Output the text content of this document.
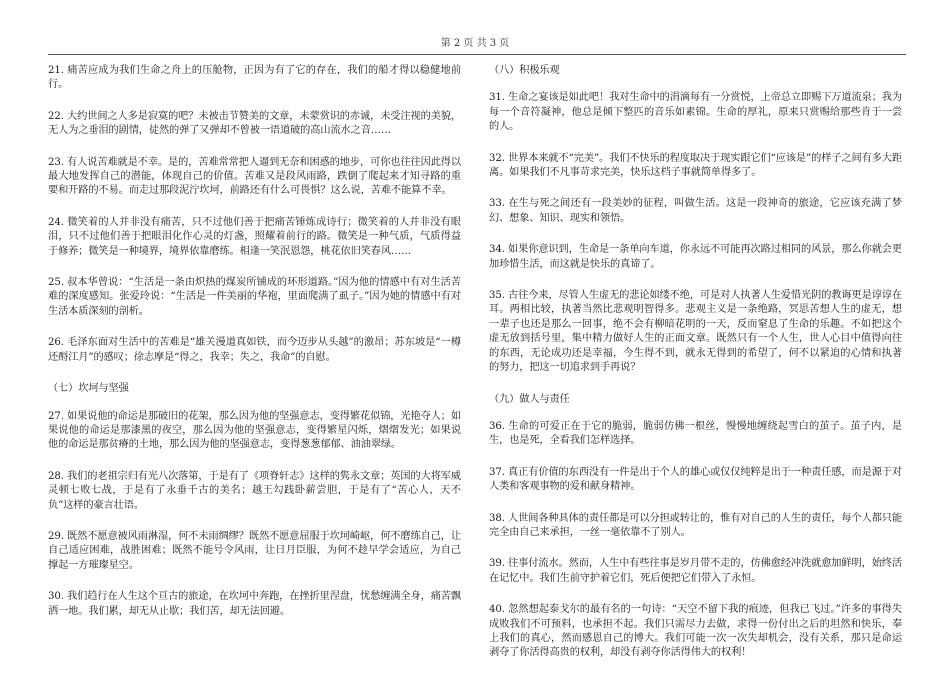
第 2 页 共 3 页

21. 痛苦应成为我们生命之舟上的压舱物，正因为有了它的存在，我们的船才得以稳健地前行。

22. 大约世间之人多是寂寞的吧？未被击节赞美的文章，未蒙赏识的赤诚，未受注视的美貌，无人为之垂泪的剧情，徒然的弹了又弹却不曾被一语道破的高山流水之音……

23. 有人说苦难就是不幸。是的，苦难常常把人逼到无奈和困惑的地步，可你也往往因此得以最大地发挥自己的潜能，体现自己的价值。苦难又是段风雨路，跌倒了爬起来才知寻路的重要和开路的不易。而走过那段泥泞坎坷，前路还有什么可畏惧？这么说，苦难不能算不幸。

24. 微笑着的人并非没有痛苦，只不过他们善于把痛苦锤炼成诗行；微笑着的人并非没有眼泪，只不过他们善于把眼泪化作心灵的灯盏，照耀着前行的路。微笑是一种气质，气质得益于修养；微笑是一种境界，境界依靠磨练。相逢一笑泯恩怨，桃花依旧笑春风……

25. 叔本华曾说：“生活是一条由炽热的煤炭所铺成的环形道路。”因为他的情感中有对生活苦难的深度感知。张爱玲说：“生活是一件美丽的华袍，里面爬满了虱子。”因为她的情感中有对生活本质深刻的剖析。

26. 毛泽东面对生活中的苦难是“雄关漫道真如铁，而今迈步从头越”的激昂；苏东坡是“一樽还酹江月”的感叹；徐志摩是“得之，我幸；失之，我命”的自慰。

（七）坎坷与坚强

27. 如果说他的命运是那破旧的花架，那么因为他的坚强意志，变得繁花似锦，光艳夺人；如果说他的命运是那漆黑的夜空，那么因为他的坚强意志，变得繁星闪烁，熠熠发光；如果说他的命运是那贫瘠的土地，那么因为他的坚强意志，变得葱葱郁郁、油油翠绿。

28. 我们的老祖宗归有光八次落第，于是有了《项脊轩志》这样的隽永文章；英国的大将军威灵顿七败七战，于是有了永垂千古的美名；越王勾践卧薪尝胆，于是有了“苦心人，天不负”这样的豪言壮语。

29. 既然不愿意被风雨淋湿，何不未雨绸缪？既然不愿意屈服于坎坷崎岖，何不磨练自己，让自己适应困难，战胜困难；既然不能号令风雨，让日月臣服，为何不趁早学会适应，为自己撑起一方璀璨星空。

30. 我们趋行在人生这个亘古的旅途，在坎坷中奔跑，在挫折里涅盘，忧愁缠满全身，痛苦飘洒一地。我们累，却无从止歇；我们苦，却无法回避。

（八）积极乐观

31. 生命之宴该是如此吧！我对生命中的涓滴每有一分赏悦，上帝总立即赐下万道流泉；我为每一个音符凝神，他总是倾下整匹的音乐如素锦。生命的厚礼，原来只赏赐给那些肯于一尝的人。

32. 世界本来就不“完美”。我们不快乐的程度取决于现实跟它们“应该是”的样子之间有多大距离。如果我们不凡事苛求完美，快乐这档子事就简单得多了。

33. 在生与死之间还有一段美妙的征程，叫做生活。这是一段神奇的旅途，它应该充满了梦幻、想象、知识、现实和领悟。

34. 如果你意识到，生命是一条单向车道，你永远不可能再次路过相同的风景，那么你就会更加珍惜生活，而这就是快乐的真谛了。

35. 古往今来，尽管人生虚无的悲论如缕不绝，可是对人执著人生爱惜光阴的教诲更是谆谆在耳。两相比较，执著当然比悲观明智得多。悲观主义是一条绝路，冥思苦想人生的虚无，想一辈子也还是那么一回事，绝不会有柳暗花明的一天，反而窒息了生命的乐趣。不如把这个虚无放到括号里，集中精力做好人生的正面文章。既然只有一个人生，世人心目中值得向往的东西，无论成功还是幸福，今生得不到，就永无得到的希望了，何不以紧迫的心情和执著的努力，把这一切追求到手再说？

（九）做人与责任

36. 生命的可爱正在于它的脆弱，脆弱仿佛一根丝，慢慢地缠绕起雪白的茧子。茧子内，是生，也是死，全看我们怎样选择。

37. 真正有价值的东西没有一件是出于个人的雄心或仅仅纯粹是出于一种责任感，而是源于对人类和客观事物的爱和献身精神。

38. 人世间各种具体的责任都是可以分担或转让的，惟有对自己的人生的责任，每个人都只能完全由自己来承担，一丝一毫依靠不了别人。

39. 往事付流水。然而，人生中有些往事是岁月带不走的，仿佛愈经冲洗就愈加鲜明，始终活在记忆中。我们生前守护着它们，死后便把它们带入了永恒。

40. 忽然想起泰戈尔的最有名的一句诗：“天空不留下我的痕迹，但我已飞过。”许多的事得失成败我们不可预料，也承担不起。我们只需尽力去做，求得一份付出之后的坦然和快乐，奉上我们的真心，然而感恩自己的博大。我们可能一次一次失却机会，没有关系，那只是命运剥夺了你活得高贵的权利，却没有剥夺你活得伟大的权利！
